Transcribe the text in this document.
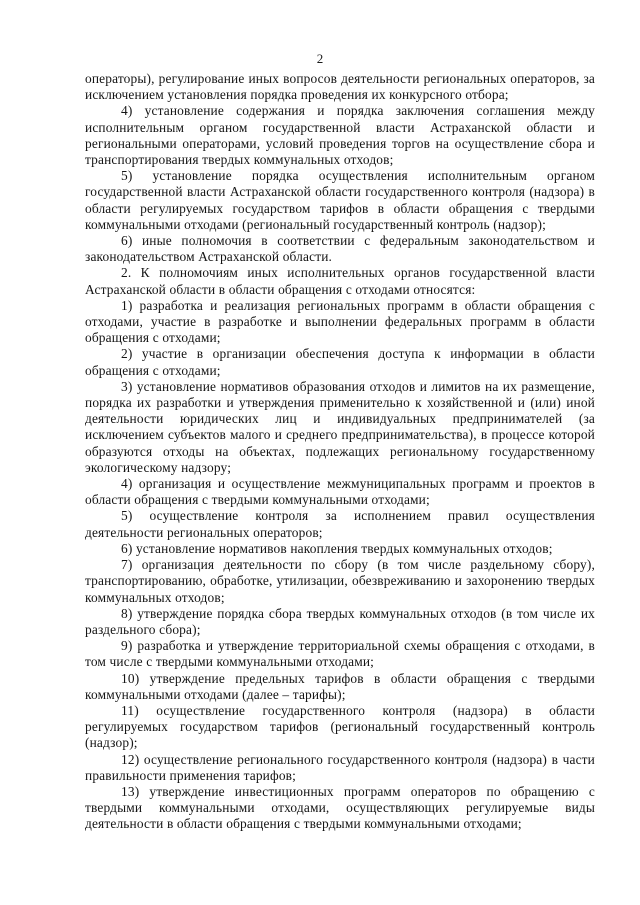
2

операторы), регулирование иных вопросов деятельности региональных операторов, за исключением установления порядка проведения их конкурсного отбора;

4) установление содержания и порядка заключения соглашения между исполнительным органом государственной власти Астраханской области и региональными операторами, условий проведения торгов на осуществление сбора и транспортирования твердых коммунальных отходов;

5) установление порядка осуществления исполнительным органом государственной власти Астраханской области государственного контроля (надзора) в области регулируемых государством тарифов в области обращения с твердыми коммунальными отходами (региональный государственный контроль (надзор);

6) иные полномочия в соответствии с федеральным законодательством и законодательством Астраханской области.

2. К полномочиям иных исполнительных органов государственной власти Астраханской области в области обращения с отходами относятся:

1) разработка и реализация региональных программ в области обращения с отходами, участие в разработке и выполнении федеральных программ в области обращения с отходами;

2) участие в организации обеспечения доступа к информации в области обращения с отходами;

3) установление нормативов образования отходов и лимитов на их размещение, порядка их разработки и утверждения применительно к хозяйственной и (или) иной деятельности юридических лиц и индивидуальных предпринимателей (за исключением субъектов малого и среднего предпринимательства), в процессе которой образуются отходы на объектах, подлежащих региональному государственному экологическому надзору;

4) организация и осуществление межмуниципальных программ и проектов в области обращения с твердыми коммунальными отходами;

5) осуществление контроля за исполнением правил осуществления деятельности региональных операторов;

6) установление нормативов накопления твердых коммунальных отходов;

7) организация деятельности по сбору (в том числе раздельному сбору), транспортированию, обработке, утилизации, обезвреживанию и захоронению твердых коммунальных отходов;

8) утверждение порядка сбора твердых коммунальных отходов (в том числе их раздельного сбора);

9) разработка и утверждение территориальной схемы обращения с отходами, в том числе с твердыми коммунальными отходами;

10) утверждение предельных тарифов в области обращения с твердыми коммунальными отходами (далее – тарифы);

11) осуществление государственного контроля (надзора) в области регулируемых государством тарифов (региональный государственный контроль (надзор);

12) осуществление регионального государственного контроля (надзора) в части правильности применения тарифов;

13) утверждение инвестиционных программ операторов по обращению с твердыми коммунальными отходами, осуществляющих регулируемые виды деятельности в области обращения с твердыми коммунальными отходами;
